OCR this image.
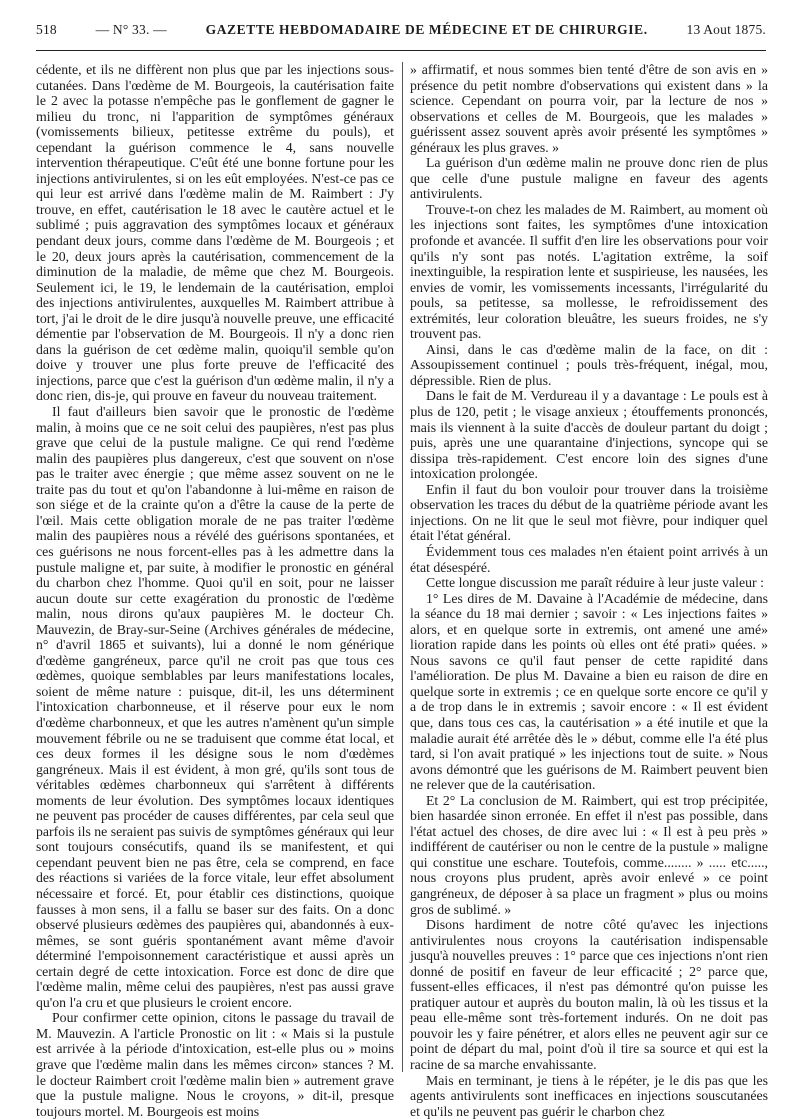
518	— N° 33. —	GAZETTE HEBDOMADAIRE DE MÉDECINE ET DE CHIRURGIE.	13 Aout 1875.

cédente, et ils ne diffèrent non plus que par les injections sous-cutanées. Dans l'œdème de M. Bourgeois, la cautérisation faite le 2 avec la potasse n'empêche pas le gonflement de gagner le milieu du tronc, ni l'apparition de symptômes généraux (vomissements bilieux, petitesse extrême du pouls), et cependant la guérison commence le 4, sans nouvelle intervention thérapeutique. C'eût été une bonne fortune pour les injections antivirulentes, si on les eût employées. N'est-ce pas ce qui leur est arrivé dans l'œdème malin de M. Raimbert : J'y trouve, en effet, cautérisation le 18 avec le cautère actuel et le sublimé ; puis aggravation des symptômes locaux et généraux pendant deux jours, comme dans l'œdème de M. Bourgeois ; et le 20, deux jours après la cautérisation, commencement de la diminution de la maladie, de même que chez M. Bourgeois. Seulement ici, le 19, le lendemain de la cautérisation, emploi des injections antivirulentes, auxquelles M. Raimbert attribue à tort, j'ai le droit de le dire jusqu'à nouvelle preuve, une efficacité démentie par l'observation de M. Bourgeois. Il n'y a donc rien dans la guérison de cet œdème malin, quoiqu'il semble qu'on doive y trouver une plus forte preuve de l'efficacité des injections, parce que c'est la guérison d'un œdème malin, il n'y a donc rien, dis-je, qui prouve en faveur du nouveau traitement.

Il faut d'ailleurs bien savoir que le pronostic de l'œdème malin, à moins que ce ne soit celui des paupières, n'est pas plus grave que celui de la pustule maligne. Ce qui rend l'œdème malin des paupières plus dangereux, c'est que souvent on n'ose pas le traiter avec énergie ; que même assez souvent on ne le traite pas du tout et qu'on l'abandonne à lui-même en raison de son siége et de la crainte qu'on a d'être la cause de la perte de l'œil. Mais cette obligation morale de ne pas traiter l'œdème malin des paupières nous a révélé des guérisons spontanées, et ces guérisons ne nous forcent-elles pas à les admettre dans la pustule maligne et, par suite, à modifier le pronostic en général du charbon chez l'homme. Quoi qu'il en soit, pour ne laisser aucun doute sur cette exagération du pronostic de l'œdème malin, nous dirons qu'aux paupières M. le docteur Ch. Mauvezin, de Bray-sur-Seine (Archives générales de médecine, n° d'avril 1865 et suivants), lui a donné le nom générique d'œdème gangréneux, parce qu'il ne croit pas que tous ces œdèmes, quoique semblables par leurs manifestations locales, soient de même nature : puisque, dit-il, les uns déterminent l'intoxication charbonneuse, et il réserve pour eux le nom d'œdème charbonneux, et que les autres n'amènent qu'un simple mouvement fébrile ou ne se traduisent que comme état local, et ces deux formes il les désigne sous le nom d'œdèmes gangréneux. Mais il est évident, à mon gré, qu'ils sont tous de véritables œdèmes charbonneux qui s'arrêtent à différents moments de leur évolution. Des symptômes locaux identiques ne peuvent pas procéder de causes différentes, par cela seul que parfois ils ne seraient pas suivis de symptômes généraux qui leur sont toujours consécutifs, quand ils se manifestent, et qui cependant peuvent bien ne pas être, cela se comprend, en face des réactions si variées de la force vitale, leur effet absolument nécessaire et forcé. Et, pour établir ces distinctions, quoique fausses à mon sens, il a fallu se baser sur des faits. On a donc observé plusieurs œdèmes des paupières qui, abandonnés à eux-mêmes, se sont guéris spontanément avant même d'avoir déterminé l'empoisonnement caractéristique et aussi après un certain degré de cette intoxication. Force est donc de dire que l'œdème malin, même celui des paupières, n'est pas aussi grave qu'on l'a cru et que plusieurs le croient encore.

Pour confirmer cette opinion, citons le passage du travail de M. Mauvezin. A l'article Pronostic on lit : « Mais si la pustule est arrivée à la période d'intoxication, est-elle plus ou » moins grave que l'œdème malin dans les mêmes circon» stances ? M. le docteur Raimbert croit l'œdème malin bien » autrement grave que la pustule maligne. Nous le croyons, » dit-il, presque toujours mortel. M. Bourgeois est moins

» affirmatif, et nous sommes bien tenté d'être de son avis en » présence du petit nombre d'observations qui existent dans » la science. Cependant on pourra voir, par la lecture de nos » observations et celles de M. Bourgeois, que les malades » guérissent assez souvent après avoir présenté les symptômes » généraux les plus graves. »

La guérison d'un œdème malin ne prouve donc rien de plus que celle d'une pustule maligne en faveur des agents antivirulents.

Trouve-t-on chez les malades de M. Raimbert, au moment où les injections sont faites, les symptômes d'une intoxication profonde et avancée. Il suffit d'en lire les observations pour voir qu'ils n'y sont pas notés. L'agitation extrême, la soif inextinguible, la respiration lente et suspirieuse, les nausées, les envies de vomir, les vomissements incessants, l'irrégularité du pouls, sa petitesse, sa mollesse, le refroidissement des extrémités, leur coloration bleuâtre, les sueurs froides, ne s'y trouvent pas.

Ainsi, dans le cas d'œdème malin de la face, on dit : Assoupissement continuel ; pouls très-fréquent, inégal, mou, dépressible. Rien de plus.

Dans le fait de M. Verdureau il y a davantage : Le pouls est à plus de 120, petit ; le visage anxieux ; étouffements prononcés, mais ils viennent à la suite d'accès de douleur partant du doigt ; puis, après une une quarantaine d'injections, syncope qui se dissipa très-rapidement. C'est encore loin des signes d'une intoxication prolongée.

Enfin il faut du bon vouloir pour trouver dans la troisième observation les traces du début de la quatrième période avant les injections. On ne lit que le seul mot fièvre, pour indiquer quel était l'état général.

Évidemment tous ces malades n'en étaient point arrivés à un état désespéré.

Cette longue discussion me paraît réduire à leur juste valeur :

1° Les dires de M. Davaine à l'Académie de médecine, dans la séance du 18 mai dernier ; savoir : « Les injections faites » alors, et en quelque sorte in extremis, ont amené une amé» lioration rapide dans les points où elles ont été prati» quées. » Nous savons ce qu'il faut penser de cette rapidité dans l'amélioration. De plus M. Davaine a bien eu raison de dire en quelque sorte in extremis ; ce en quelque sorte encore ce qu'il y a de trop dans le in extremis ; savoir encore : « Il est évident que, dans tous ces cas, la cautérisation » a été inutile et que la maladie aurait été arrêtée dès le » début, comme elle l'a été plus tard, si l'on avait pratiqué » les injections tout de suite. » Nous avons démontré que les guérisons de M. Raimbert peuvent bien ne relever que de la cautérisation.

Et 2° La conclusion de M. Raimbert, qui est trop précipitée, bien hasardée sinon erronée. En effet il n'est pas possible, dans l'état actuel des choses, de dire avec lui : « Il est à peu près » indifférent de cautériser ou non le centre de la pustule » maligne qui constitue une eschare. Toutefois, comme........ » ..... etc....., nous croyons plus prudent, après avoir enlevé » ce point gangréneux, de déposer à sa place un fragment » plus ou moins gros de sublimé. »

Disons hardiment de notre côté qu'avec les injections antivirulentes nous croyons la cautérisation indispensable jusqu'à nouvelles preuves : 1° parce que ces injections n'ont rien donné de positif en faveur de leur efficacité ; 2° parce que, fussent-elles efficaces, il n'est pas démontré qu'on puisse les pratiquer autour et auprès du bouton malin, là où les tissus et la peau elle-même sont très-fortement indurés. On ne doit pas pouvoir les y faire pénétrer, et alors elles ne peuvent agir sur ce point de départ du mal, point d'où il tire sa source et qui est la racine de sa marche envahissante.

Mais en terminant, je tiens à le répéter, je le dis pas que les agents antivirulents sont inefficaces en injections souscutanées et qu'ils ne peuvent pas guérir le charbon chez
